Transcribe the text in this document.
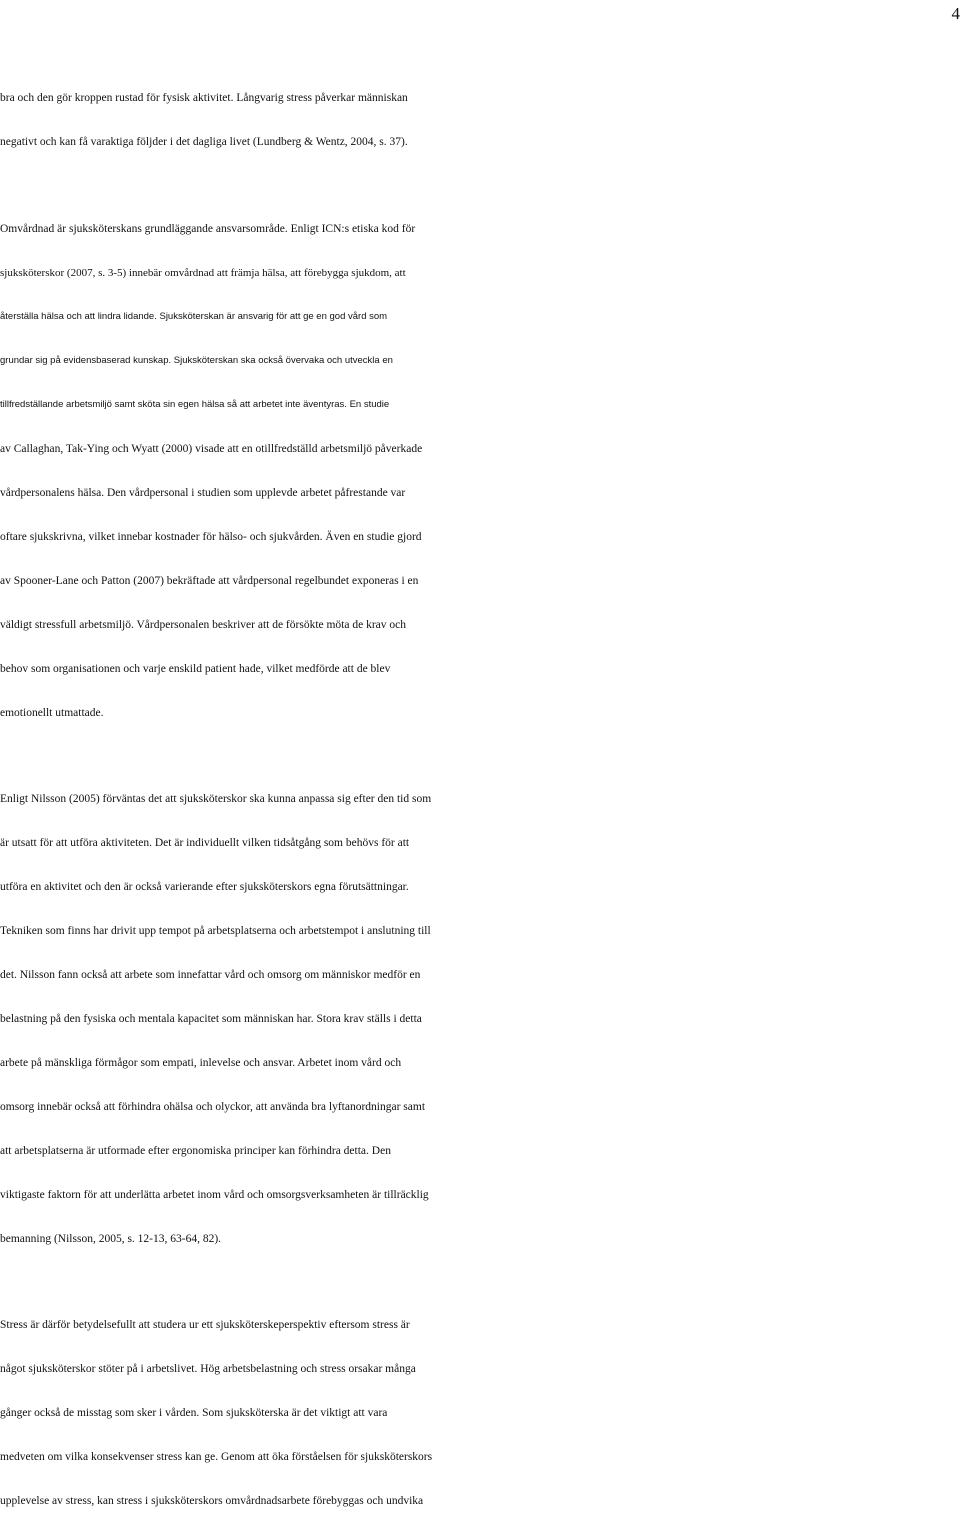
4
bra och den gör kroppen rustad för fysisk aktivitet. Långvarig stress påverkar människan
negativt och kan få varaktiga följder i det dagliga livet (Lundberg & Wentz, 2004, s. 37).
Omvårdnad är sjuksköterskans grundläggande ansvarsområde. Enligt ICN:s etiska kod för
sjuksköterskor (2007, s. 3-5) innebär omvårdnad att främja hälsa, att förebygga sjukdom, att
återställa hälsa och att lindra lidande. Sjuksköterskan är ansvarig för att ge en god vård som
grundar sig på evidensbaserad kunskap. Sjuksköterskan ska också övervaka och utveckla en
tillfredställande arbetsmiljö samt sköta sin egen hälsa så att arbetet inte äventyras. En studie
av Callaghan, Tak-Ying och Wyatt (2000) visade att en otillfredställd arbetsmiljö påverkade
vårdpersonalens hälsa. Den vårdpersonal i studien som upplevde arbetet påfrestande var
oftare sjukskrivna, vilket innebar kostnader för hälso- och sjukvården. Även en studie gjord
av Spooner-Lane och Patton (2007) bekräftade att vårdpersonal regelbundet exponeras i en
väldigt stressfull arbetsmiljö. Vårdpersonalen beskriver att de försökte möta de krav och
behov som organisationen och varje enskild patient hade, vilket medförde att de blev
emotionellt utmattade.
Enligt Nilsson (2005) förväntas det att sjuksköterskor ska kunna anpassa sig efter den tid som
är utsatt för att utföra aktiviteten. Det är individuellt vilken tidsåtgång som behövs för att
utföra en aktivitet och den är också varierande efter sjuksköterskors egna förutsättningar.
Tekniken som finns har drivit upp tempot på arbetsplatserna och arbetstempot i anslutning till
det. Nilsson fann också att arbete som innefattar vård och omsorg om människor medför en
belastning på den fysiska och mentala kapacitet som människan har. Stora krav ställs i detta
arbete på mänskliga förmågor som empati, inlevelse och ansvar. Arbetet inom vård och
omsorg innebär också att förhindra ohälsa och olyckor, att använda bra lyftanordningar samt
att arbetsplatserna är utformade efter ergonomiska principer kan förhindra detta. Den
viktigaste faktorn för att underlätta arbetet inom vård och omsorgsverksamheten är tillräcklig
bemanning (Nilsson, 2005, s. 12-13, 63-64, 82).
Stress är därför betydelsefullt att studera ur ett sjuksköterskeperspektiv eftersom stress är
något sjuksköterskor stöter på i arbetslivet. Hög arbetsbelastning och stress orsakar många
gånger också de misstag som sker i vården. Som sjuksköterska är det viktigt att vara
medveten om vilka konsekvenser stress kan ge. Genom att öka förståelsen för sjuksköterskors
upplevelse av stress, kan stress i sjuksköterskors omvårdnadsarbete förebyggas och undvika
